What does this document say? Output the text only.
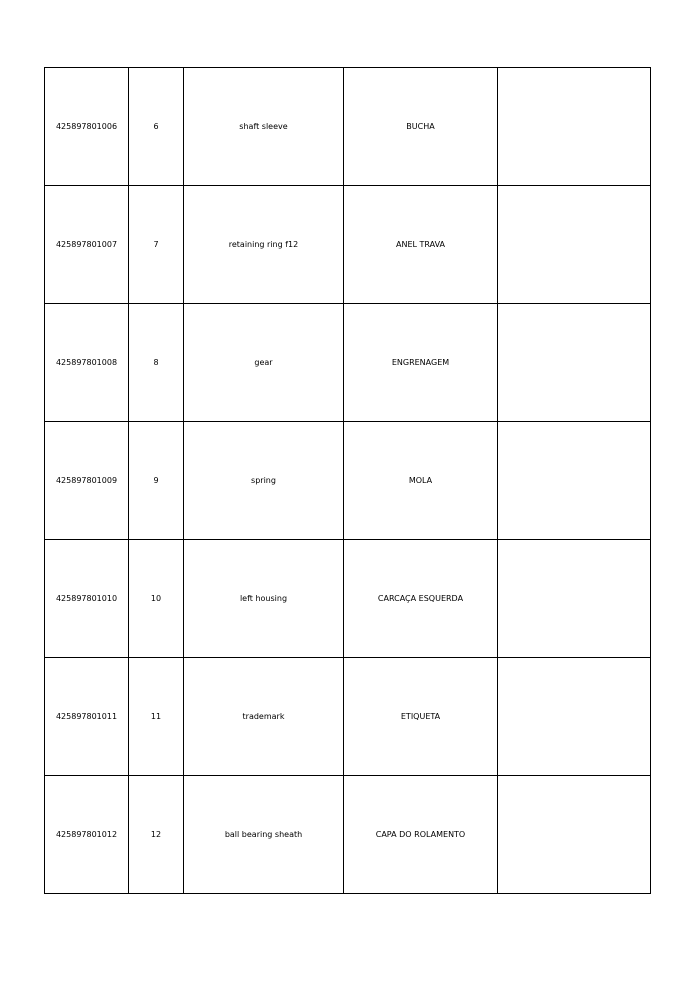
425897801006	6	shaft sleeve	BUCHA	
425897801007	7	retaining ring f12	ANEL TRAVA	
425897801008	8	gear	ENGRENAGEM	
425897801009	9	spring	MOLA	
425897801010	10	left housing	CARCAÇA ESQUERDA	
425897801011	11	trademark	ETIQUETA	
425897801012	12	ball bearing sheath	CAPA DO ROLAMENTO	
